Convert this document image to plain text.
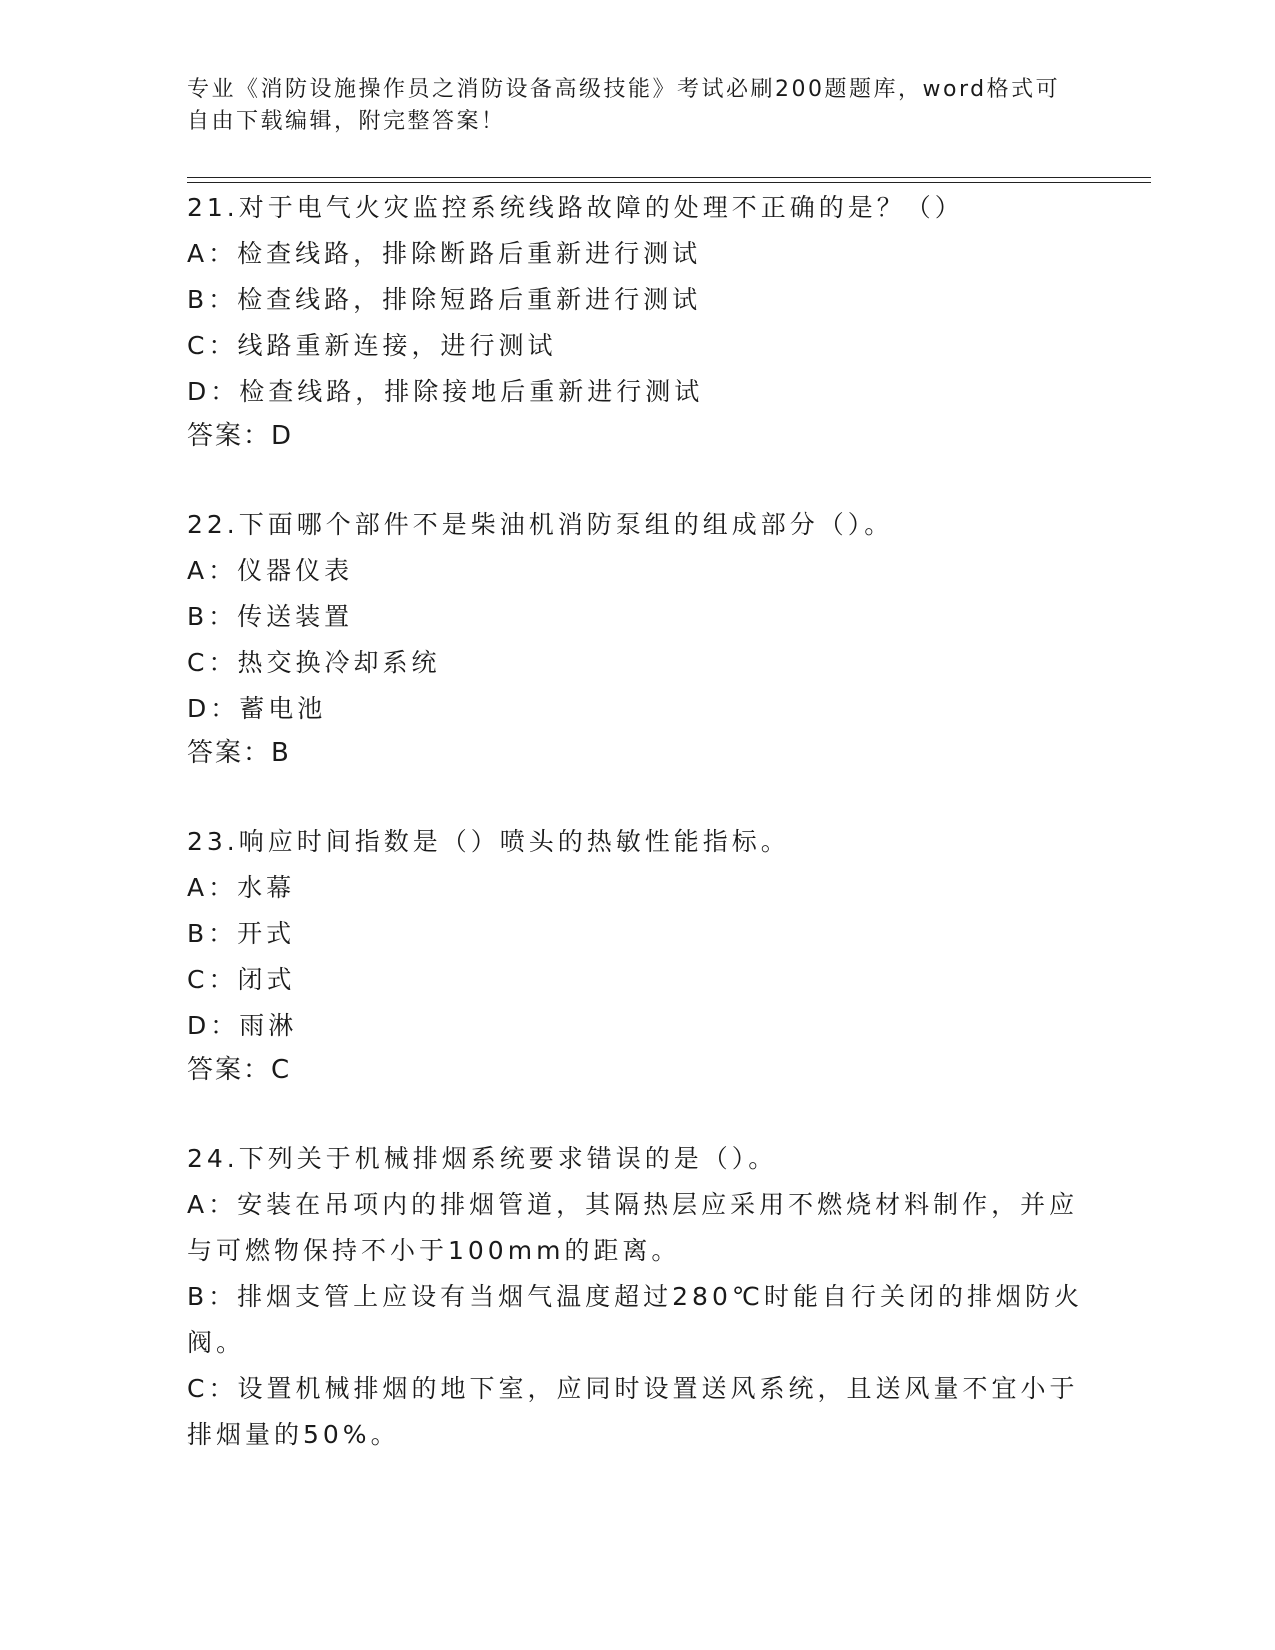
专业《消防设施操作员之消防设备高级技能》考试必刷200题题库，word格式可
自由下载编辑，附完整答案！
21.对于电气火灾监控系统线路故障的处理不正确的是？（）
A：检查线路，排除断路后重新进行测试
B：检查线路，排除短路后重新进行测试
C：线路重新连接，进行测试
D：检查线路，排除接地后重新进行测试
答案：D
22.下面哪个部件不是柴油机消防泵组的组成部分（）。
A：仪器仪表
B：传送装置
C：热交换冷却系统
D：蓄电池
答案：B
23.响应时间指数是（）喷头的热敏性能指标。
A：水幕
B：开式
C：闭式
D：雨淋
答案：C
24.下列关于机械排烟系统要求错误的是（）。
A：安装在吊项内的排烟管道，其隔热层应采用不燃烧材料制作，并应与可燃物保持不小于100mm的距离。
B：排烟支管上应设有当烟气温度超过280℃时能自行关闭的排烟防火阀。
C：设置机械排烟的地下室，应同时设置送风系统，且送风量不宜小于排烟量的50%。
